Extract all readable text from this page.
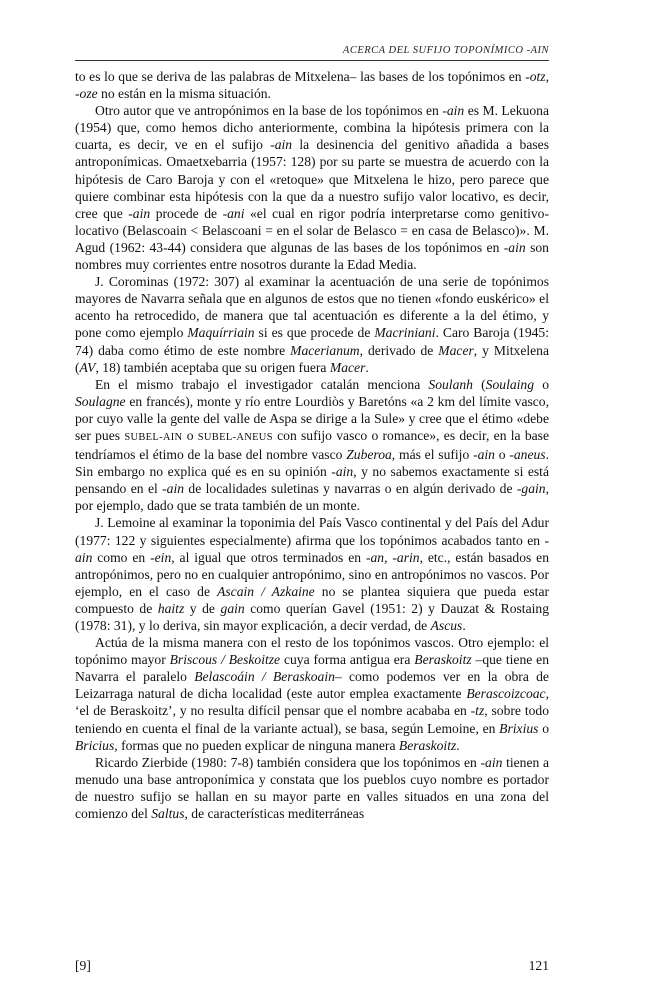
ACERCA DEL SUFIJO TOPONÍMICO -AIN

to es lo que se deriva de las palabras de Mitxelena– las bases de los topónimos en -otz, -oze no están en la misma situación.

Otro autor que ve antropónimos en la base de los topónimos en -ain es M. Lekuona (1954) que, como hemos dicho anteriormente, combina la hipótesis primera con la cuarta, es decir, ve en el sufijo -ain la desinencia del genitivo añadida a bases antroponímicas. Omaetxebarria (1957: 128) por su parte se muestra de acuerdo con la hipótesis de Caro Baroja y con el «retoque» que Mitxelena le hizo, pero parece que quiere combinar esta hipótesis con la que da a nuestro sufijo valor locativo, es decir, cree que -ain procede de -ani «el cual en rigor podría interpretarse como genitivo-locativo (Belascoain < Belascoani = en el solar de Belasco = en casa de Belasco)». M. Agud (1962: 43-44) considera que algunas de las bases de los topónimos en -ain son nombres muy corrientes entre nosotros durante la Edad Media.

J. Corominas (1972: 307) al examinar la acentuación de una serie de topónimos mayores de Navarra señala que en algunos de estos que no tienen «fondo euskérico» el acento ha retrocedido, de manera que tal acentuación es diferente a la del étimo, y pone como ejemplo Maquírriain si es que procede de Macriniani. Caro Baroja (1945: 74) daba como étimo de este nombre Macerianum, derivado de Macer, y Mitxelena (AV, 18) también aceptaba que su origen fuera Macer.

En el mismo trabajo el investigador catalán menciona Soulanh (Soulaing o Soulagne en francés), monte y río entre Lourdiòs y Baretóns «a 2 km del límite vasco, por cuyo valle la gente del valle de Aspa se dirige a la Sule» y cree que el étimo «debe ser pues SUBEL-AIN o SUBEL-ANEUS con sufijo vasco o romance», es decir, en la base tendríamos el étimo de la base del nombre vasco Zuberoa, más el sufijo -ain o -aneus. Sin embargo no explica qué es en su opinión -ain, y no sabemos exactamente si está pensando en el -ain de localidades suletinas y navarras o en algún derivado de -gain, por ejemplo, dado que se trata también de un monte.

J. Lemoine al examinar la toponimia del País Vasco continental y del País del Adur (1977: 122 y siguientes especialmente) afirma que los topónimos acabados tanto en -ain como en -ein, al igual que otros terminados en -an, -arin, etc., están basados en antropónimos, pero no en cualquier antropónimo, sino en antropónimos no vascos. Por ejemplo, en el caso de Ascain / Azkaine no se plantea siquiera que pueda estar compuesto de haitz y de gain como querían Gavel (1951: 2) y Dauzat & Rostaing (1978: 31), y lo deriva, sin mayor explicación, a decir verdad, de Ascus.

Actúa de la misma manera con el resto de los topónimos vascos. Otro ejemplo: el topónimo mayor Briscous / Beskoitze cuya forma antigua era Beraskoitz –que tiene en Navarra el paralelo Belascoáin / Beraskoain– como podemos ver en la obra de Leizarraga natural de dicha localidad (este autor emplea exactamente Berascoizcoac, ‘el de Beraskoitz’, y no resulta difícil pensar que el nombre acababa en -tz, sobre todo teniendo en cuenta el final de la variante actual), se basa, según Lemoine, en Brixius o Bricius, formas que no pueden explicar de ninguna manera Beraskoitz.

Ricardo Zierbide (1980: 7-8) también considera que los topónimos en -ain tienen a menudo una base antroponímica y constata que los pueblos cuyo nombre es portador de nuestro sufijo se hallan en su mayor parte en valles situados en una zona del comienzo del Saltus, de características mediterráneas

[9]	121
